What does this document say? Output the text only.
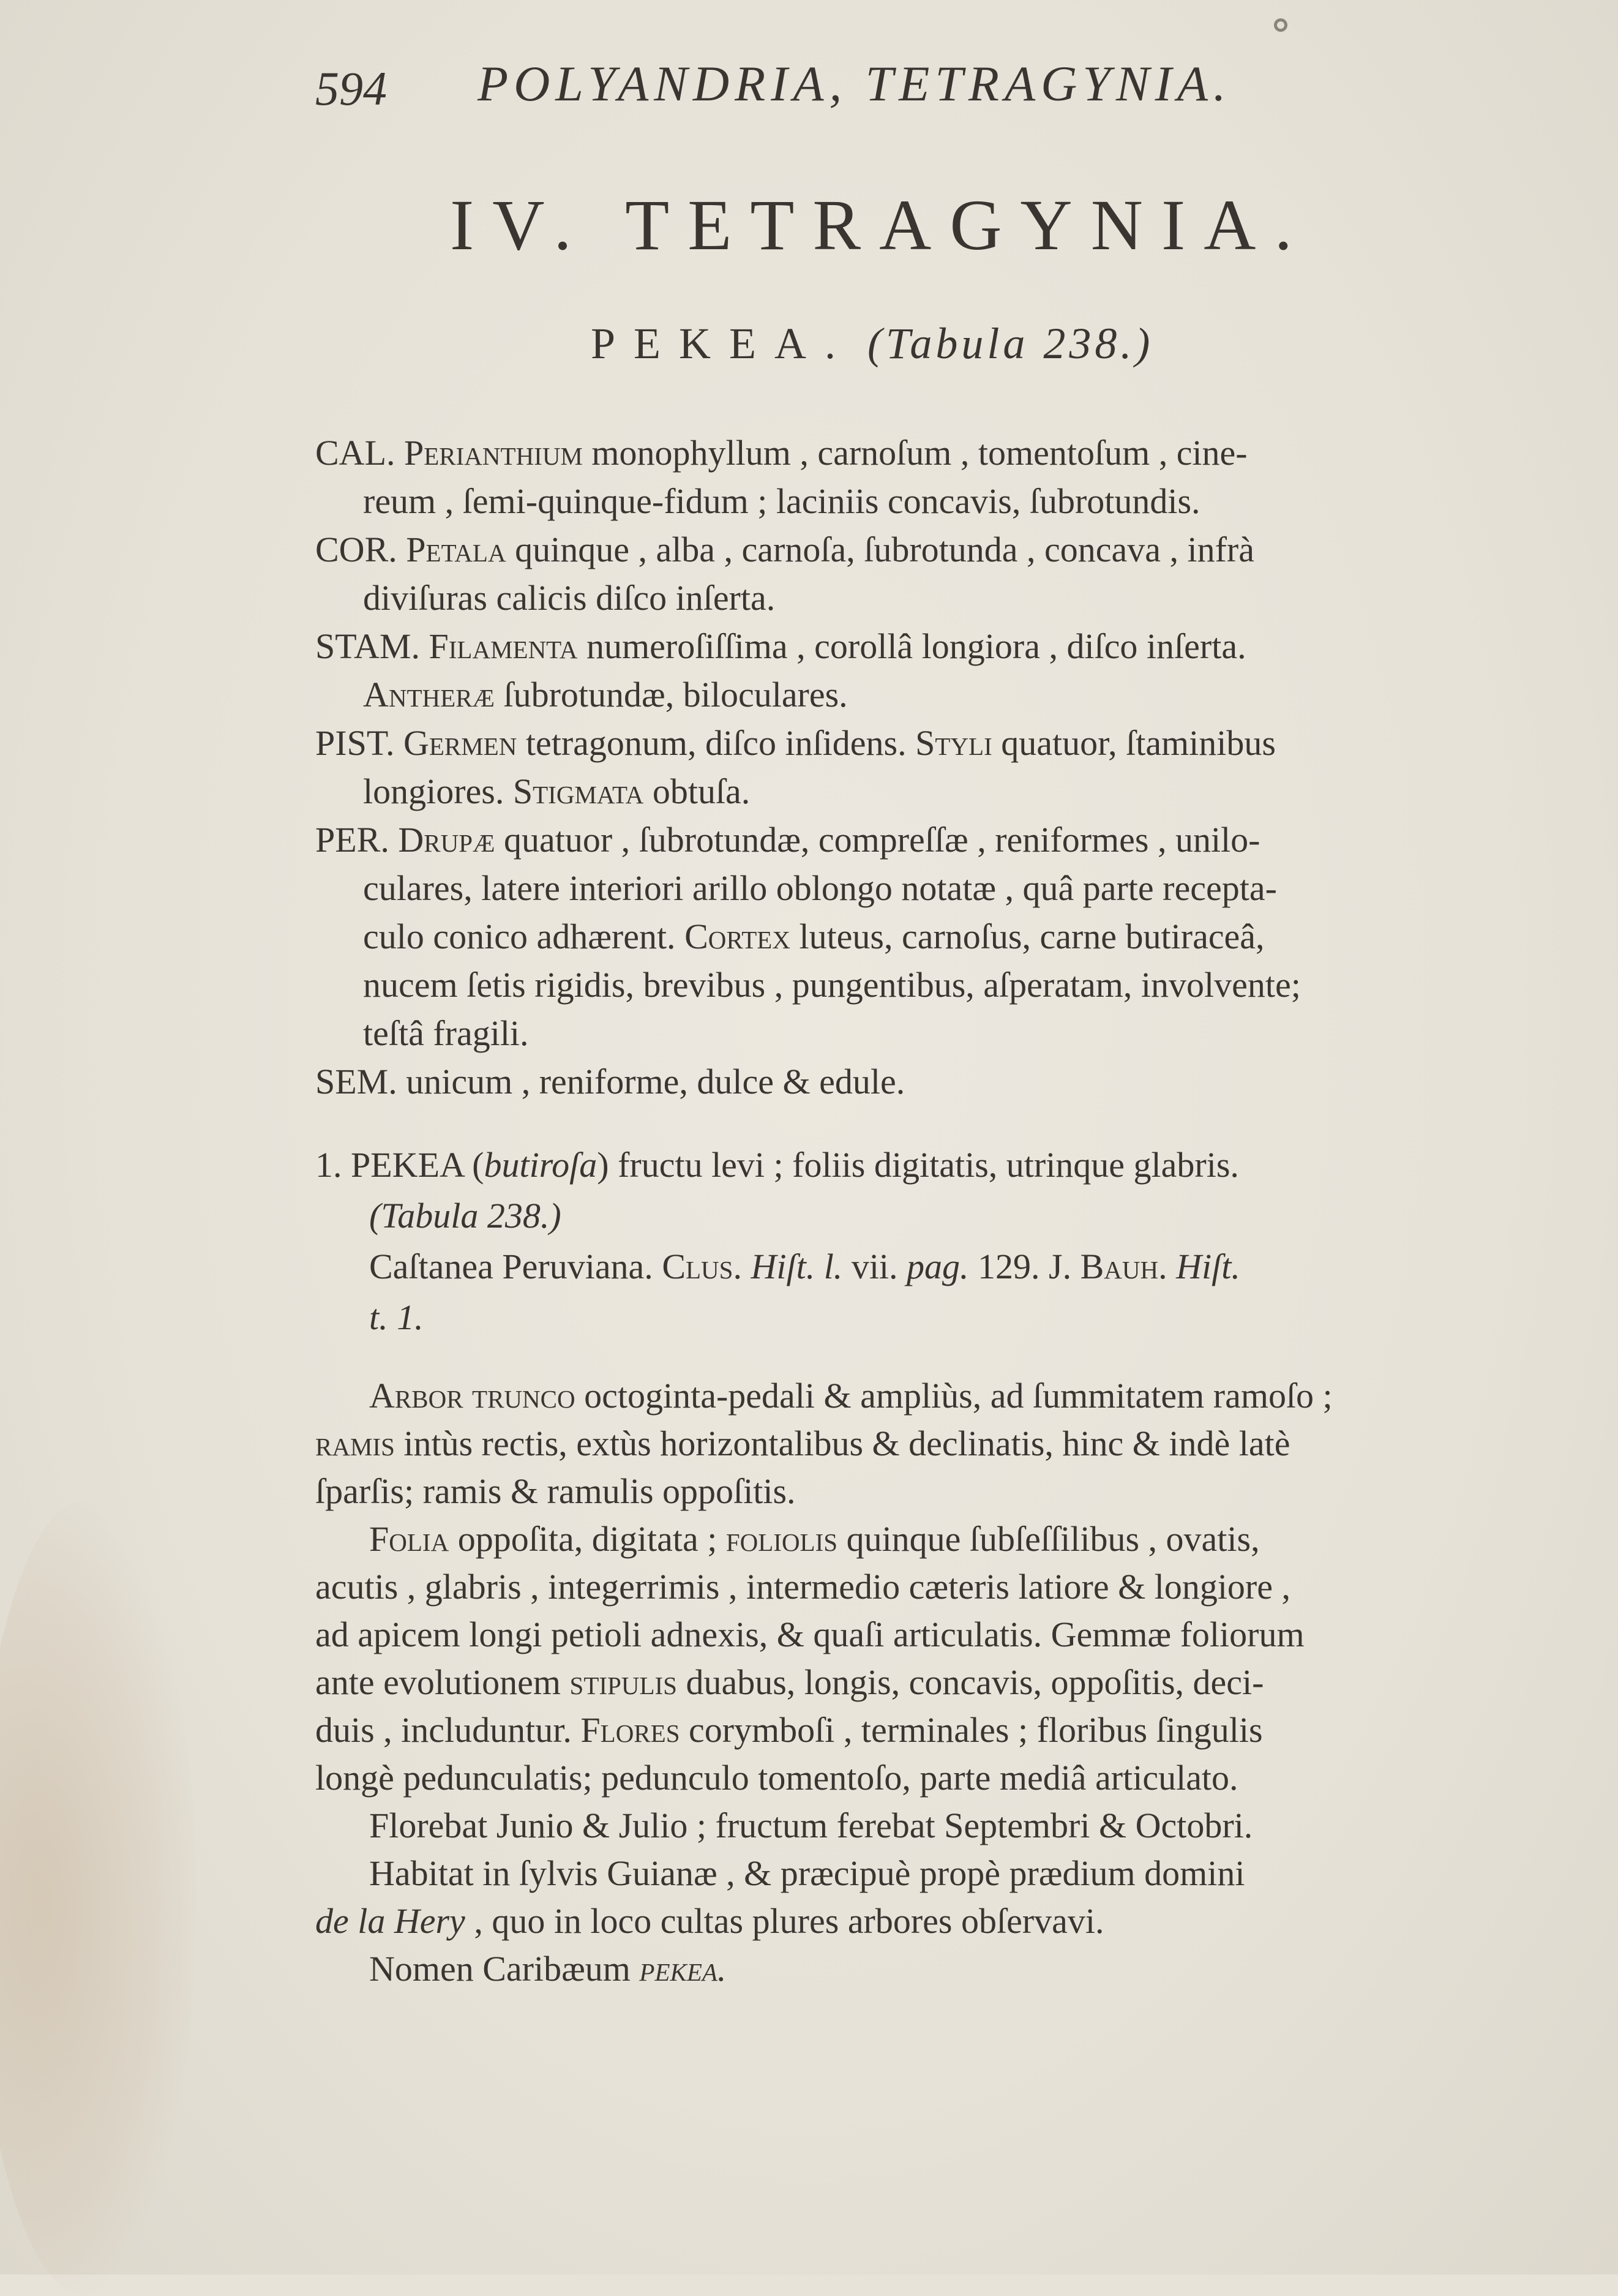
594 POLYANDRIA, TETRAGYNIA.
IV. TETRAGYNIA.
PEKEA. (Tabula 238.)
CAL. Perianthium monophyllum , carnoſum , tomentoſum , cine-
reum , ſemi-quinque-fidum ; laciniis concavis, ſubrotundis.
COR. Petala quinque , alba , carnoſa, ſubrotunda , concava , infrà
diviſuras calicis diſco inſerta.
STAM. Filamenta numeroſiſſima , corollâ longiora , diſco inſerta.
Antheræ ſubrotundæ, biloculares.
PIST. Germen tetragonum, diſco inſidens. Styli quatuor, ſtaminibus
longiores. Stigmata obtuſa.
PER. Drupæ quatuor , ſubrotundæ, compreſſæ , reniformes , unilo-
culares, latere interiori arillo oblongo notatæ , quâ parte recepta-
culo conico adhærent. Cortex luteus, carnoſus, carne butiraceâ,
nucem ſetis rigidis, brevibus , pungentibus, aſperatam, involvente;
teſtâ fragili.
SEM. unicum , reniforme, dulce & edule.
1. PEKEA (butiroſa) fructu levi ; foliis digitatis, utrinque glabris.
(Tabula 238.)
Caſtanea Peruviana. Clus. Hiſt. l. vii. pag. 129. J. Bauh. Hiſt.
t. 1.
Arbor trunco octoginta-pedali & ampliùs, ad ſummitatem ramoſo ;
ramis intùs rectis, extùs horizontalibus & declinatis, hinc & indè latè
ſparſis; ramis & ramulis oppoſitis.
Folia oppoſita, digitata ; foliolis quinque ſubſeſſilibus , ovatis,
acutis , glabris , integerrimis , intermedio cæteris latiore & longiore ,
ad apicem longi petioli adnexis, & quaſi articulatis. Gemmæ foliorum
ante evolutionem stipulis duabus, longis, concavis, oppoſitis, deci-
duis , includuntur. Flores corymboſi , terminales ; floribus ſingulis
longè pedunculatis; pedunculo tomentoſo, parte mediâ articulato.
Florebat Junio & Julio ; fructum ferebat Septembri & Octobri.
Habitat in ſylvis Guianæ , & præcipuè propè prædium domini
de la Hery , quo in loco cultas plures arbores obſervavi.
Nomen Caribæum pekea.
